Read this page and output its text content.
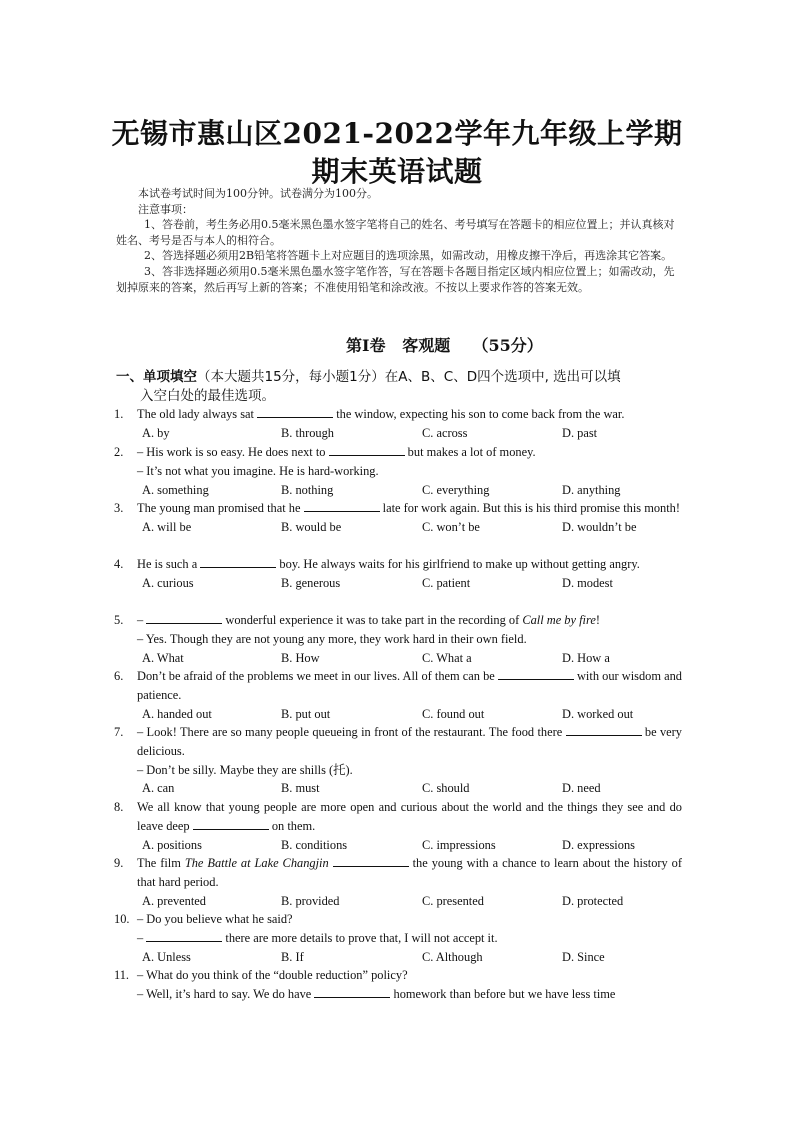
无锡市惠山区2021-2022学年九年级上学期
期末英语试题

本试卷考试时间为100分钟。试卷满分为100分。

注意事项：

1、答卷前，考生务必用0.5毫米黑色墨水签字笔将自己的姓名、考号填写在答题卡的相应位置上；并认真核对姓名、考号是否与本人的相符合。

2、答选择题必须用2B铅笔将答题卡上对应题目的选项涂黑，如需改动，用橡皮擦干净后，再选涂其它答案。

3、答非选择题必须用0.5毫米黑色墨水签字笔作答，写在答题卡各题目指定区域内相应位置上；如需改动，先划掉原来的答案，然后再写上新的答案；不准使用铅笔和涂改液。不按以上要求作答的答案无效。

第I卷   客观题    （55分）
一、单项填空（本大题共15分，每小题1分）在A、B、C、D四个选项中, 选出可以填
入空白处的最佳选项。
1.	The old lady always sat	the window, expecting his son to come back from the war.

A. by	B. through	C. across	D. past
2.	– His work is so easy. He does next to	but makes a lot of money.

– It’s not what you imagine. He is hard-working.

A. something	B. nothing	C. everything	D. anything
3.	The young man promised that he	late for work again. But this is his third promise this month!

A. will be	B. would be	C. won’t be	D. wouldn’t be
4.	He is such a	boy. He always waits for his girlfriend to make up without getting angry.

A. curious	B. generous	C. patient	D. modest
5.	–	wonderful experience it was to take part in the recording of Call me by fire!

– Yes. Though they are not young any more, they work hard in their own field.

A. What	B. How	C. What a	D. How a
6.	Don’t be afraid of the problems we meet in our lives. All of them can be	with our wisdom and patience.

A. handed out	B. put out	C. found out	D. worked out
7.	– Look! There are so many people queueing in front of the restaurant. The food there	be very delicious.

– Don’t be silly. Maybe they are shills (托).

A. can	B. must	C. should	D. need
8.	We all know that young people are more open and curious about the world and the things they see and do leave deep	on them.

A. positions	B. conditions	C. impressions	D. expressions
9.	The film The Battle at Lake Changjin	the young with a chance to learn about the history of that hard period.

A. prevented	B. provided	C. presented	D. protected
10. – Do you believe what he said?

–	there are more details to prove that, I will not accept it.

A. Unless	B. If	C. Although	D. Since
11. – What do you think of the “double reduction” policy?

– Well, it’s hard to say. We do have	homework than before but we have less time
